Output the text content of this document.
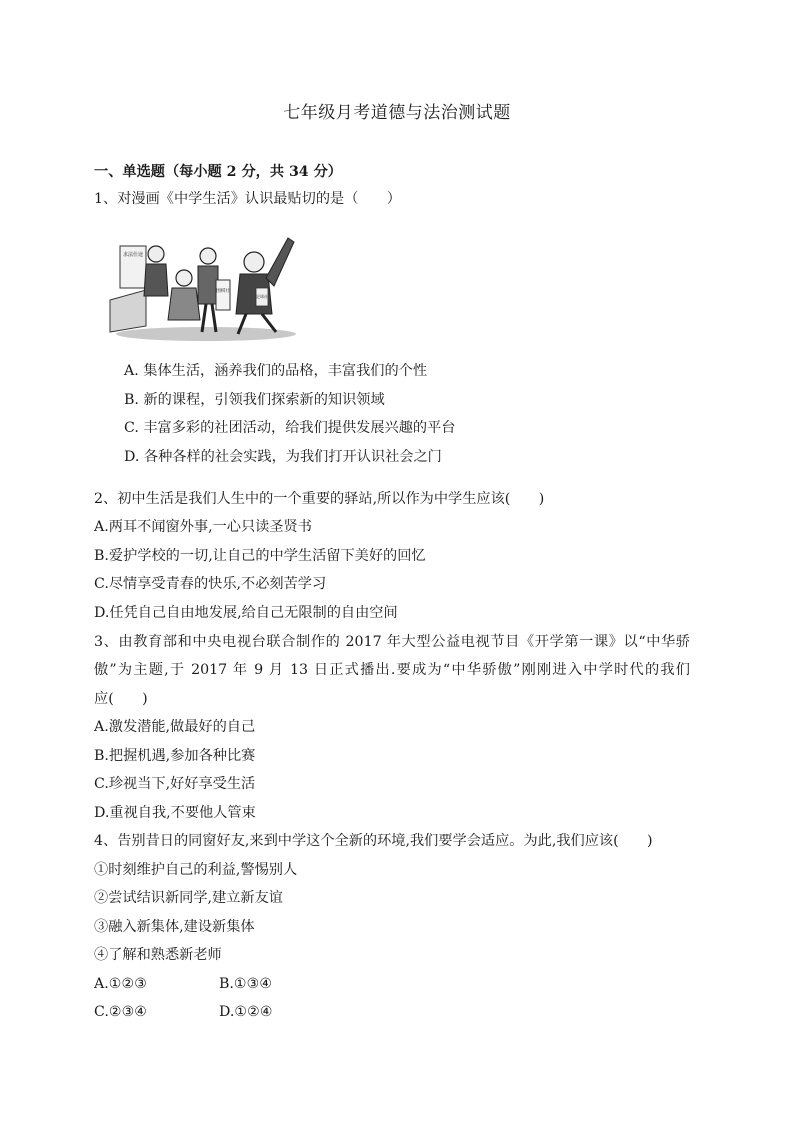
七年级月考道德与法治测试题
一、单选题（每小题 2 分，共 34 分）
1、对漫画《中学生活》认识最贴切的是（　　）
求法仕途
围棋社
足球社
A. 集体生活，涵养我们的品格，丰富我们的个性
B. 新的课程，引领我们探索新的知识领域
C. 丰富多彩的社团活动，给我们提供发展兴趣的平台
D. 各种各样的社会实践，为我们打开认识社会之门
2、初中生活是我们人生中的一个重要的驿站,所以作为中学生应该(　　)
A.两耳不闻窗外事,一心只读圣贤书
B.爱护学校的一切,让自己的中学生活留下美好的回忆
C.尽情享受青春的快乐,不必刻苦学习
D.任凭自己自由地发展,给自己无限制的自由空间
3、由教育部和中央电视台联合制作的 2017 年大型公益电视节目《开学第一课》以“中华骄
傲”为主题,于 2017 年 9 月 13 日正式播出.要成为“中华骄傲”刚刚进入中学时代的我们
应(　　)
A.激发潜能,做最好的自己
B.把握机遇,参加各种比赛
C.珍视当下,好好享受生活
D.重视自我,不要他人管束
4、告别昔日的同窗好友,来到中学这个全新的环境,我们要学会适应。为此,我们应该(　　)
①时刻维护自己的利益,警惕别人
②尝试结识新同学,建立新友谊
③融入新集体,建设新集体
④了解和熟悉新老师
A.①②③	B.①③④
C.②③④	D.①②④
